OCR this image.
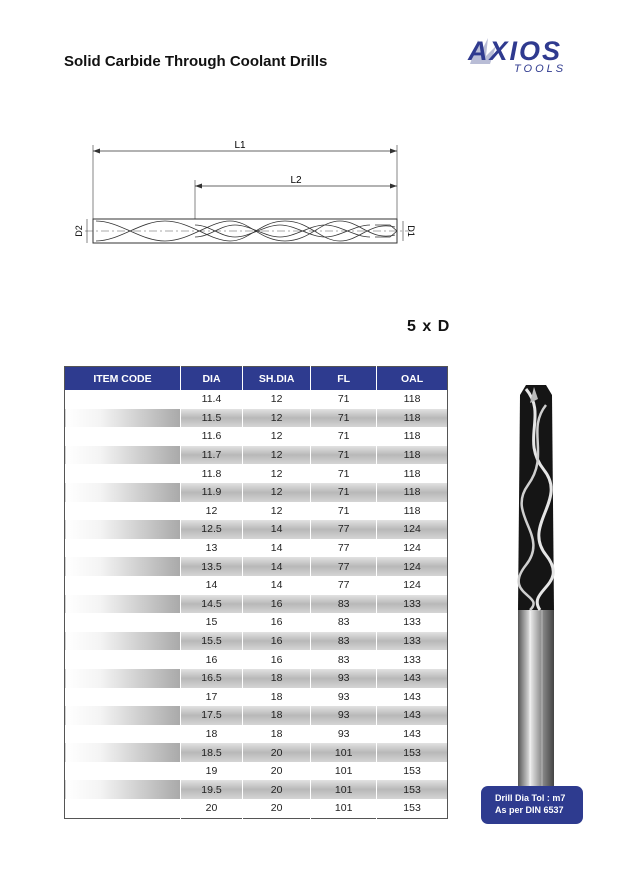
Solid Carbide Through Coolant Drills	AXIOS
TOOLS
L1
L2
D2	D1
5 x D
ITEM CODE	DIA	SH.DIA	FL	OAL
	11.4	12	71	118
	11.5	12	71	118
	11.6	12	71	118
	11.7	12	71	118
	11.8	12	71	118
	11.9	12	71	118
	12	12	71	118
	12.5	14	77	124
	13	14	77	124
	13.5	14	77	124
	14	14	77	124
	14.5	16	83	133
	15	16	83	133
	15.5	16	83	133
	16	16	83	133
	16.5	18	93	143
	17	18	93	143
	17.5	18	93	143
	18	18	93	143
	18.5	20	101	153
	19	20	101	153
	19.5	20	101	153
	20	20	101	153
Drill Dia Tol : m7
As per DIN 6537
